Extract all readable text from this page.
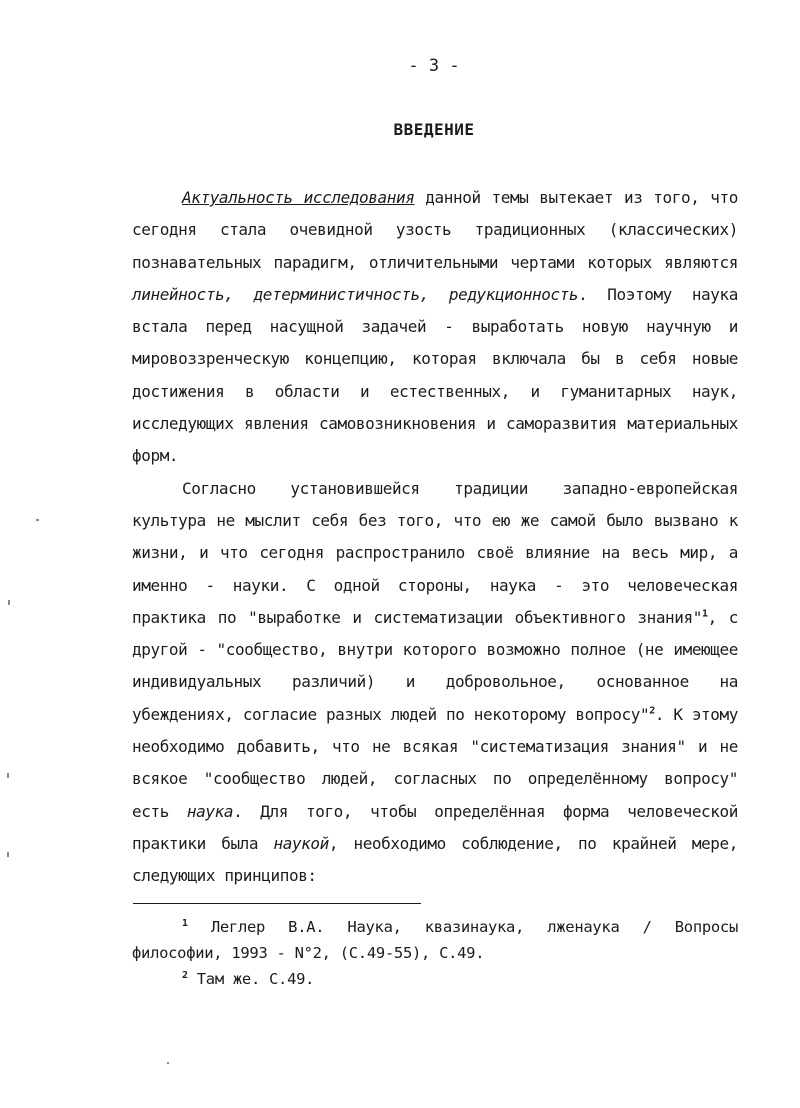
- 3 -
ВВЕДЕНИЕ

Актуальность исследования данной темы вытекает из того, что сегодня стала очевидной узость традиционных (классических) познавательных парадигм, отличительными чертами которых являются линейность, детерминистичность, редукционность. Поэтому наука встала перед насущной задачей - выработать новую научную и мировоззренческую концепцию, которая включала бы в себя новые достижения в области и естественных, и гуманитарных наук, исследующих явления самовозникновения и саморазвития материальных форм.

Согласно установившейся традиции западно-европейская культура не мыслит себя без того, что ею же самой было вызвано к жизни, и что сегодня распространило своё влияние на весь мир, а именно - науки. С одной стороны, наука - это человеческая практика по "выработке и систематизации объективного знания"$^1$, с другой - "сообщество, внутри которого возможно полное (не имеющее индивидуальных различий) и добровольное, основанное на убеждениях, согласие разных людей по некоторому вопросу"$^2$. К этому необходимо добавить, что не всякая "систематизация знания" и не всякое "сообщество людей, согласных по определённому вопросу" есть наука. Для того, чтобы определённая форма человеческой практики была наукой, необходимо соблюдение, по крайней мере, следующих принципов:

$^1$ Леглер В.А. Наука, квазинаука, лженаука / Вопросы философии, 1993 - N°2, (С.49-55), С.49.

$^2$ Там же. С.49.
